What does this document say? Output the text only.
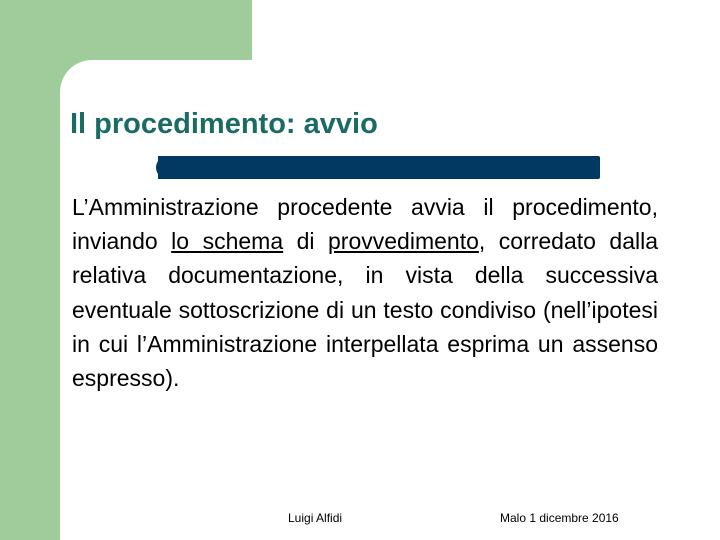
Il procedimento: avvio

L’Amministrazione procedente avvia il procedimento, inviando lo schema di provvedimento, corredato dalla relativa documentazione, in vista della successiva eventuale sottoscrizione di un testo condiviso (nell’ipotesi in cui l’Amministrazione interpellata esprima un assenso espresso).

Luigi Alfidi	Malo 1 dicembre 2016
